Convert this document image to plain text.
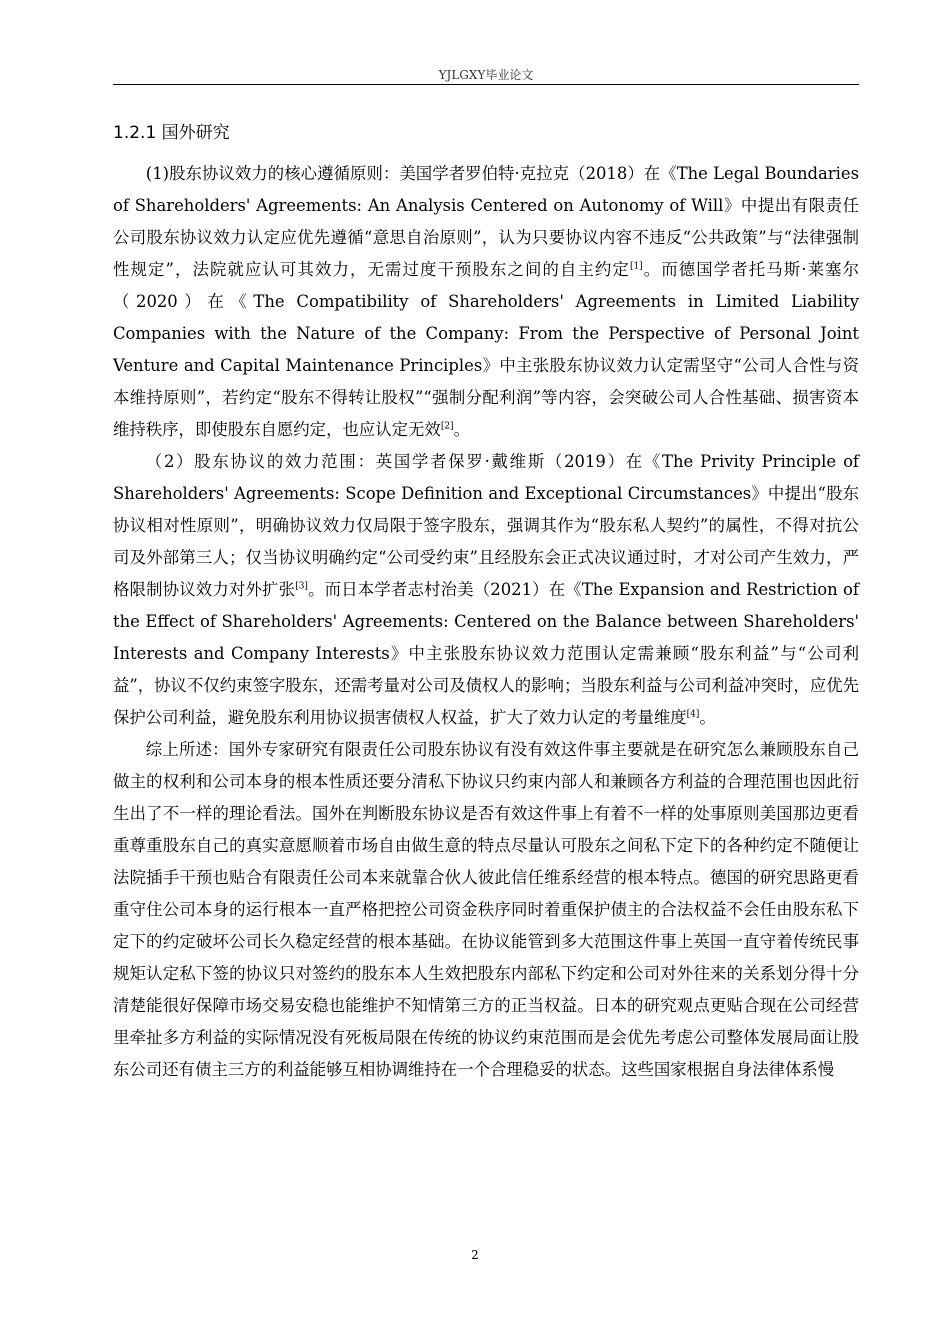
YJLGXY毕业论文
1.2.1 国外研究

(1)股东协议效力的核心遵循原则：美国学者罗伯特·克拉克（2018）在《The Legal Boundaries of Shareholders' Agreements: An Analysis Centered on Autonomy of Will》中提出有限责任公司股东协议效力认定应优先遵循“意思自治原则”，认为只要协议内容不违反“公共政策”与“法律强制性规定”，法院就应认可其效力，无需过度干预股东之间的自主约定[1]。而德国学者托马斯·莱塞尔（2020）在《The Compatibility of Shareholders' Agreements in Limited Liability Companies with the Nature of the Company: From the Perspective of Personal Joint Venture and Capital Maintenance Principles》中主张股东协议效力认定需坚守“公司人合性与资本维持原则”，若约定“股东不得转让股权”“强制分配利润”等内容，会突破公司人合性基础、损害资本维持秩序，即使股东自愿约定，也应认定无效[2]。

（2）股东协议的效力范围：英国学者保罗·戴维斯（2019）在《The Privity Principle of Shareholders' Agreements: Scope Definition and Exceptional Circumstances》中提出“股东协议相对性原则”，明确协议效力仅局限于签字股东，强调其作为“股东私人契约”的属性，不得对抗公司及外部第三人；仅当协议明确约定“公司受约束”且经股东会正式决议通过时，才对公司产生效力，严格限制协议效力对外扩张[3]。而日本学者志村治美（2021）在《The Expansion and Restriction of the Effect of Shareholders' Agreements: Centered on the Balance between Shareholders' Interests and Company Interests》中主张股东协议效力范围认定需兼顾“股东利益”与“公司利益”，协议不仅约束签字股东，还需考量对公司及债权人的影响；当股东利益与公司利益冲突时，应优先保护公司利益，避免股东利用协议损害债权人权益，扩大了效力认定的考量维度[4]。

综上所述：国外专家研究有限责任公司股东协议有没有效这件事主要就是在研究怎么兼顾股东自己做主的权利和公司本身的根本性质还要分清私下协议只约束内部人和兼顾各方利益的合理范围也因此衍生出了不一样的理论看法。国外在判断股东协议是否有效这件事上有着不一样的处事原则美国那边更看重尊重股东自己的真实意愿顺着市场自由做生意的特点尽量认可股东之间私下定下的各种约定不随便让法院插手干预也贴合有限责任公司本来就靠合伙人彼此信任维系经营的根本特点。德国的研究思路更看重守住公司本身的运行根本一直严格把控公司资金秩序同时着重保护债主的合法权益不会任由股东私下定下的约定破坏公司长久稳定经营的根本基础。在协议能管到多大范围这件事上英国一直守着传统民事规矩认定私下签的协议只对签约的股东本人生效把股东内部私下约定和公司对外往来的关系划分得十分清楚能很好保障市场交易安稳也能维护不知情第三方的正当权益。日本的研究观点更贴合现在公司经营里牵扯多方利益的实际情况没有死板局限在传统的协议约束范围而是会优先考虑公司整体发展局面让股东公司还有债主三方的利益能够互相协调维持在一个合理稳妥的状态。这些国家根据自身法律体系慢

2
